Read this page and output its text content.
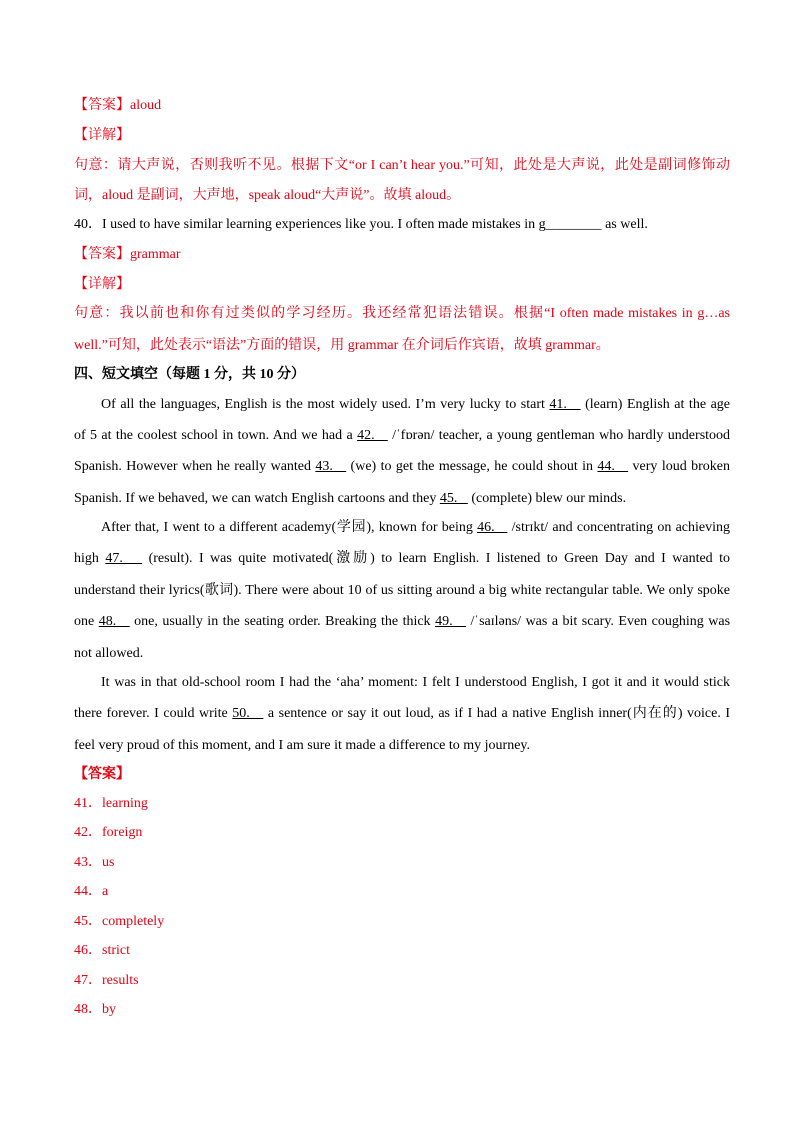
【答案】aloud
【详解】
句意：请大声说，否则我听不见。根据下文“or I can’t hear you.”可知，此处是大声说，此处是副词修饰动
词，aloud 是副词，大声地，speak aloud“大声说”。故填 aloud。
40．I used to have similar learning experiences like you. I often made mistakes in g________ as well.
【答案】grammar
【详解】
句意：我以前也和你有过类似的学习经历。我还经常犯语法错误。根据“I often made mistakes in g…as
well.”可知，此处表示“语法”方面的错误，用 grammar 在介词后作宾语，故填 grammar。
四、短文填空（每题 1 分，共 10 分）
Of all the languages, English is the most widely used. I’m very lucky to start 41.    (learn) English at the age
of 5 at the coolest school in town. And we had a 42.    /ˈfɒrən/ teacher, a young gentleman who hardly understood
Spanish. However when he really wanted 43.    (we) to get the message, he could shout in 44.    very loud broken
Spanish. If we behaved, we can watch English cartoons and they 45.    (complete) blew our minds.
After that, I went to a different academy(学园), known for being 46.    /strɪkt/ and concentrating on achieving
high 47.    (result). I was quite motivated(激励) to learn English. I listened to Green Day and I wanted to
understand their lyrics(歌词). There were about 10 of us sitting around a big white rectangular table. We only spoke
one 48.    one, usually in the seating order. Breaking the thick 49.    /ˈsaɪləns/ was a bit scary. Even coughing was
not allowed.
It was in that old-school room I had the ‘aha’ moment: I felt I understood English, I got it and it would stick
there forever. I could write 50.    a sentence or say it out loud, as if I had a native English inner(内在的) voice. I
feel very proud of this moment, and I am sure it made a difference to my journey.
【答案】
41．learning
42．foreign
43．us
44．a
45．completely
46．strict
47．results
48．by
